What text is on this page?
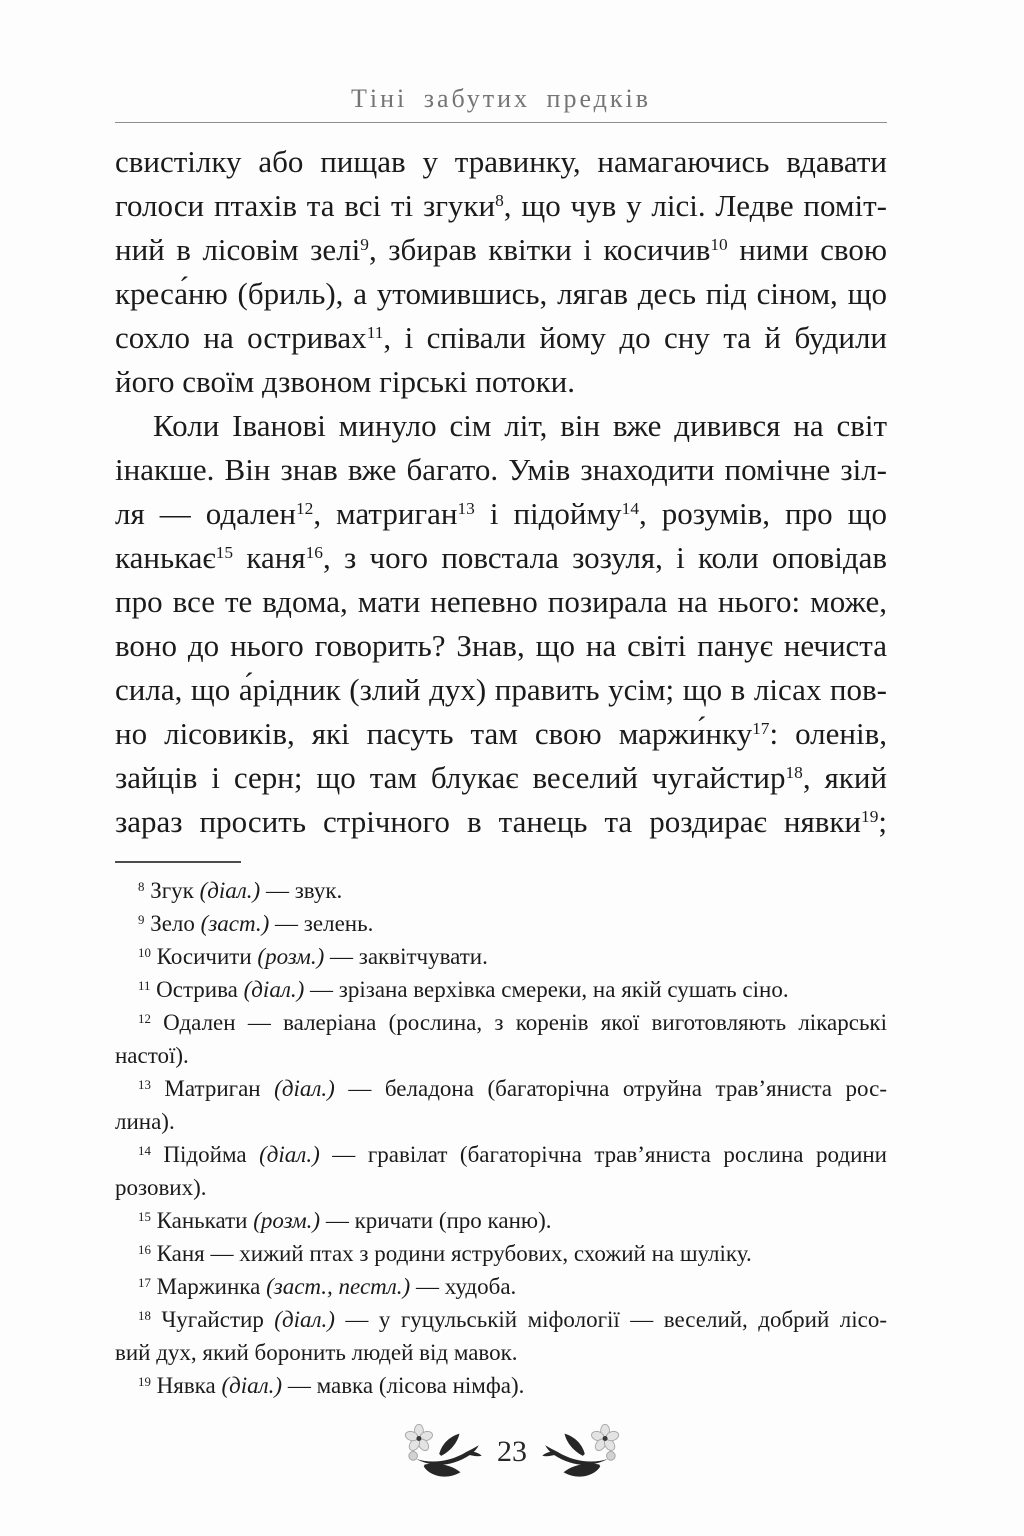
Тіні забутих предків
свистілку або пищав у травинку, намагаючись вдавати
голоси птахів та всі ті згуки$^8$, що чув у лісі. Ледве поміт-
ний в лісовім зелі$^9$, збирав квітки і косичив$^{10}$ ними свою
креса́ню (бриль), а утомившись, лягав десь під сіном, що
сохло на остривах$^{11}$, і співали йому до сну та й будили
його своїм дзвоном гірські потоки.
Коли Іванові минуло сім літ, він вже дивився на світ
інакше. Він знав вже багато. Умів знаходити помічне зіл-
ля — одален$^{12}$, матриган$^{13}$ і підойму$^{14}$, розумів, про що
канькає$^{15}$ каня$^{16}$, з чого повстала зозуля, і коли оповідав
про все те вдома, мати непевно позирала на нього: може,
воно до нього говорить? Знав, що на світі панує нечиста
сила, що а́рідник (злий дух) править усім; що в лісах пов-
но лісовиків, які пасуть там свою маржи́нку$^{17}$: оленів,
зайців і серн; що там блукає веселий чугайстир$^{18}$, який
зараз просить стрічного в танець та роздирає нявки$^{19}$;
$^8$ Згук (діал.) — звук.
$^9$ Зело (заст.) — зелень.
$^{10}$ Косичити (розм.) — заквітчувати.
$^{11}$ Острива (діал.) — зрізана верхівка смереки, на якій сушать сіно.
$^{12}$ Одален — валеріана (рослина, з коренів якої виготовляють лікарські
настої).
$^{13}$ Матриган (діал.) — беладона (багаторічна отруйна трав’яниста рос-
лина).
$^{14}$ Підойма (діал.) — гравілат (багаторічна трав’яниста рослина родини
розових).
$^{15}$ Канькати (розм.) — кричати (про каню).
$^{16}$ Каня — хижий птах з родини яструбових, схожий на шуліку.
$^{17}$ Маржинка (заст., пестл.) — худоба.
$^{18}$ Чугайстир (діал.) — у гуцульській міфології — веселий, добрий лісо-
вий дух, який боронить людей від мавок.
$^{19}$ Нявка (діал.) — мавка (лісова німфа).
23
